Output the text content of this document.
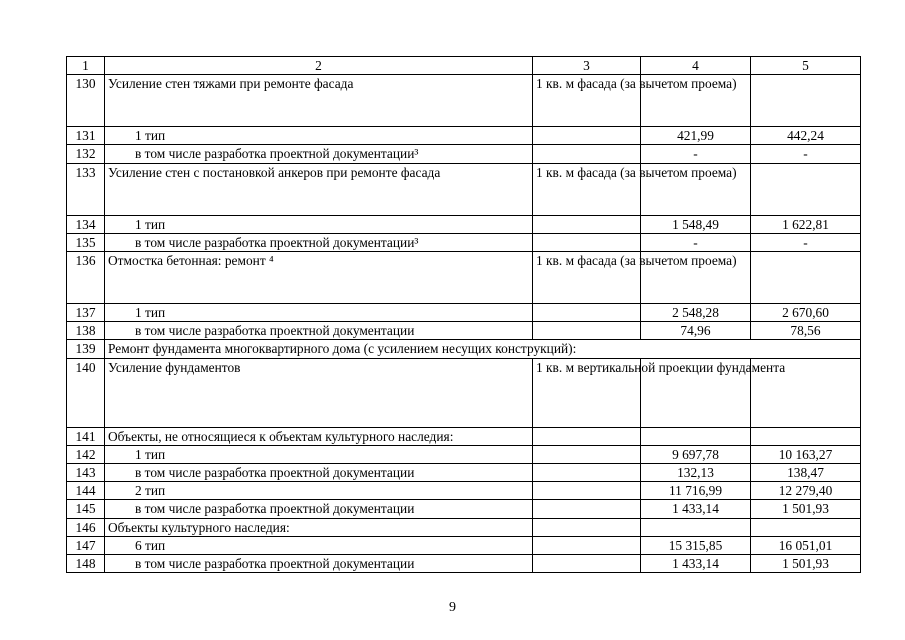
1	2	3	4	5
130	Усиление стен тяжами при ремонте фасада	1 кв. м фасада (за вычетом проема)		
131	1 тип		421,99	442,24
132	в том числе разработка проектной документации³		-	-
133	Усиление стен с постановкой анкеров при ремонте фасада	1 кв. м фасада (за вычетом проема)		
134	1 тип		1 548,49	1 622,81
135	в том числе разработка проектной документации³		-	-
136	Отмостка бетонная: ремонт ⁴	1 кв. м фасада (за вычетом проема)		
137	1 тип		2 548,28	2 670,60
138	в том числе разработка проектной документации		74,96	78,56
139	Ремонт фундамента многоквартирного дома (с усилением несущих конструкций):			
140	Усиление фундаментов	1 кв. м вертикальной проекции фундамента		
141	Объекты, не относящиеся к объектам культурного наследия:			
142	1 тип		9 697,78	10 163,27
143	в том числе разработка проектной документации		132,13	138,47
144	2 тип		11 716,99	12 279,40
145	в том числе разработка проектной документации		1 433,14	1 501,93
146	Объекты культурного наследия:			
147	6 тип		15 315,85	16 051,01
148	в том числе разработка проектной документации		1 433,14	1 501,93
9
